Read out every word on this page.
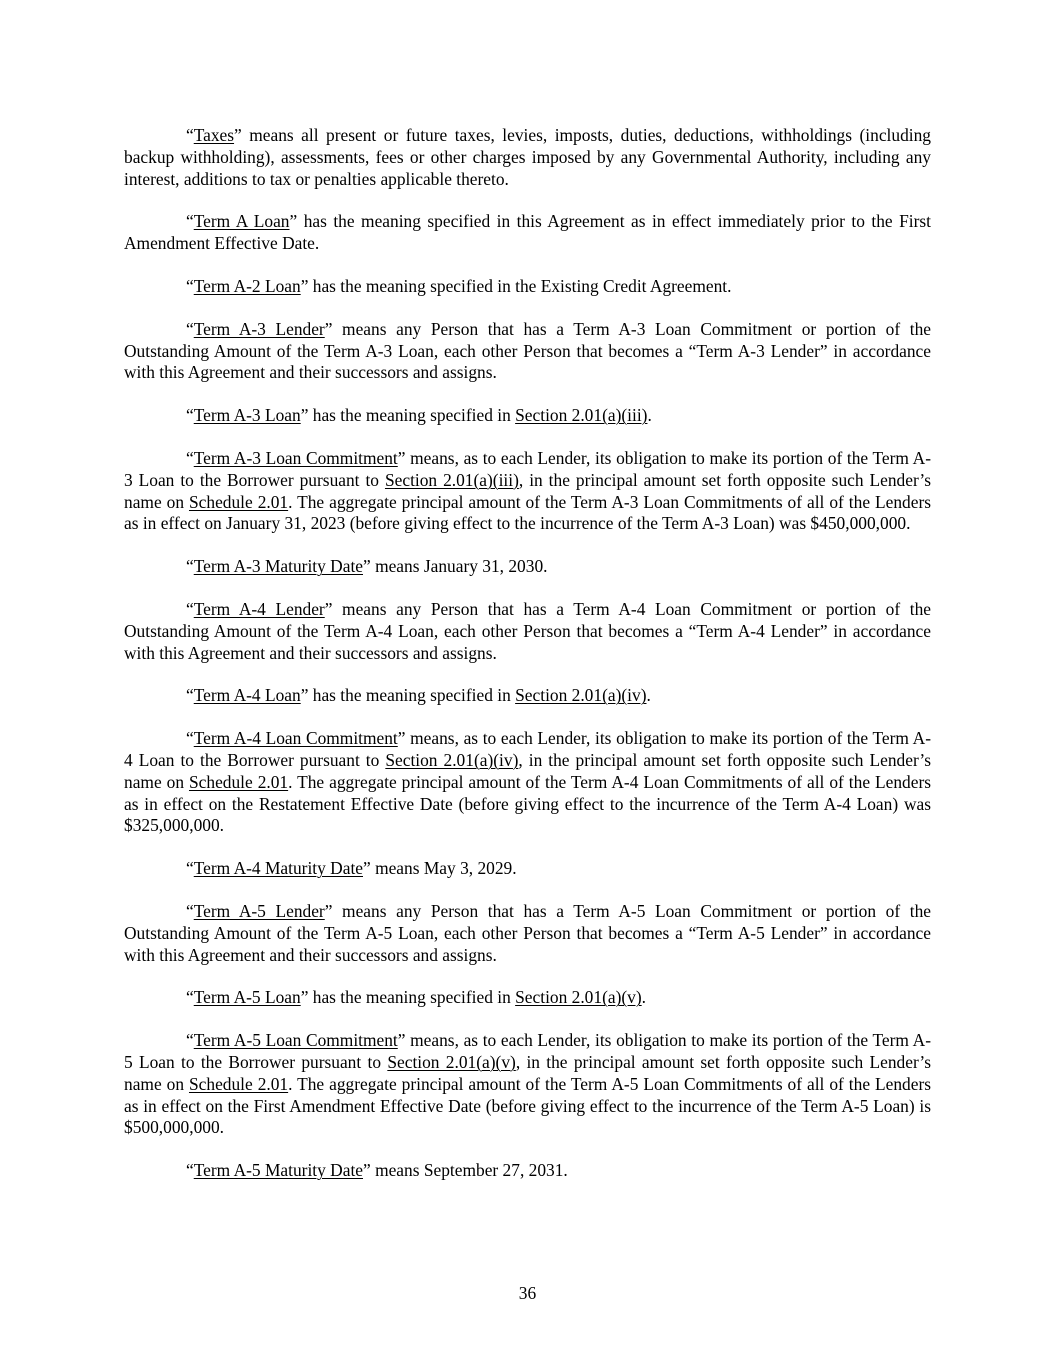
“Taxes” means all present or future taxes, levies, imposts, duties, deductions, withholdings (including backup withholding), assessments, fees or other charges imposed by any Governmental Authority, including any interest, additions to tax or penalties applicable thereto.

“Term A Loan” has the meaning specified in this Agreement as in effect immediately prior to the First Amendment Effective Date.

“Term A-2 Loan” has the meaning specified in the Existing Credit Agreement.

“Term A-3 Lender” means any Person that has a Term A-3 Loan Commitment or portion of the Outstanding Amount of the Term A-3 Loan, each other Person that becomes a “Term A-3 Lender” in accordance with this Agreement and their successors and assigns.

“Term A-3 Loan” has the meaning specified in Section 2.01(a)(iii).

“Term A-3 Loan Commitment” means, as to each Lender, its obligation to make its portion of the Term A-3 Loan to the Borrower pursuant to Section 2.01(a)(iii), in the principal amount set forth opposite such Lender’s name on Schedule 2.01. The aggregate principal amount of the Term A-3 Loan Commitments of all of the Lenders as in effect on January 31, 2023 (before giving effect to the incurrence of the Term A-3 Loan) was $450,000,000.

“Term A-3 Maturity Date” means January 31, 2030.

“Term A-4 Lender” means any Person that has a Term A-4 Loan Commitment or portion of the Outstanding Amount of the Term A-4 Loan, each other Person that becomes a “Term A-4 Lender” in accordance with this Agreement and their successors and assigns.

“Term A-4 Loan” has the meaning specified in Section 2.01(a)(iv).

“Term A-4 Loan Commitment” means, as to each Lender, its obligation to make its portion of the Term A-4 Loan to the Borrower pursuant to Section 2.01(a)(iv), in the principal amount set forth opposite such Lender’s name on Schedule 2.01. The aggregate principal amount of the Term A-4 Loan Commitments of all of the Lenders as in effect on the Restatement Effective Date (before giving effect to the incurrence of the Term A-4 Loan) was $325,000,000.

“Term A-4 Maturity Date” means May 3, 2029.

“Term A-5 Lender” means any Person that has a Term A-5 Loan Commitment or portion of the Outstanding Amount of the Term A-5 Loan, each other Person that becomes a “Term A-5 Lender” in accordance with this Agreement and their successors and assigns.

“Term A-5 Loan” has the meaning specified in Section 2.01(a)(v).

“Term A-5 Loan Commitment” means, as to each Lender, its obligation to make its portion of the Term A-5 Loan to the Borrower pursuant to Section 2.01(a)(v), in the principal amount set forth opposite such Lender’s name on Schedule 2.01. The aggregate principal amount of the Term A-5 Loan Commitments of all of the Lenders as in effect on the First Amendment Effective Date (before giving effect to the incurrence of the Term A-5 Loan) is $500,000,000.

“Term A-5 Maturity Date” means September 27, 2031.

36
